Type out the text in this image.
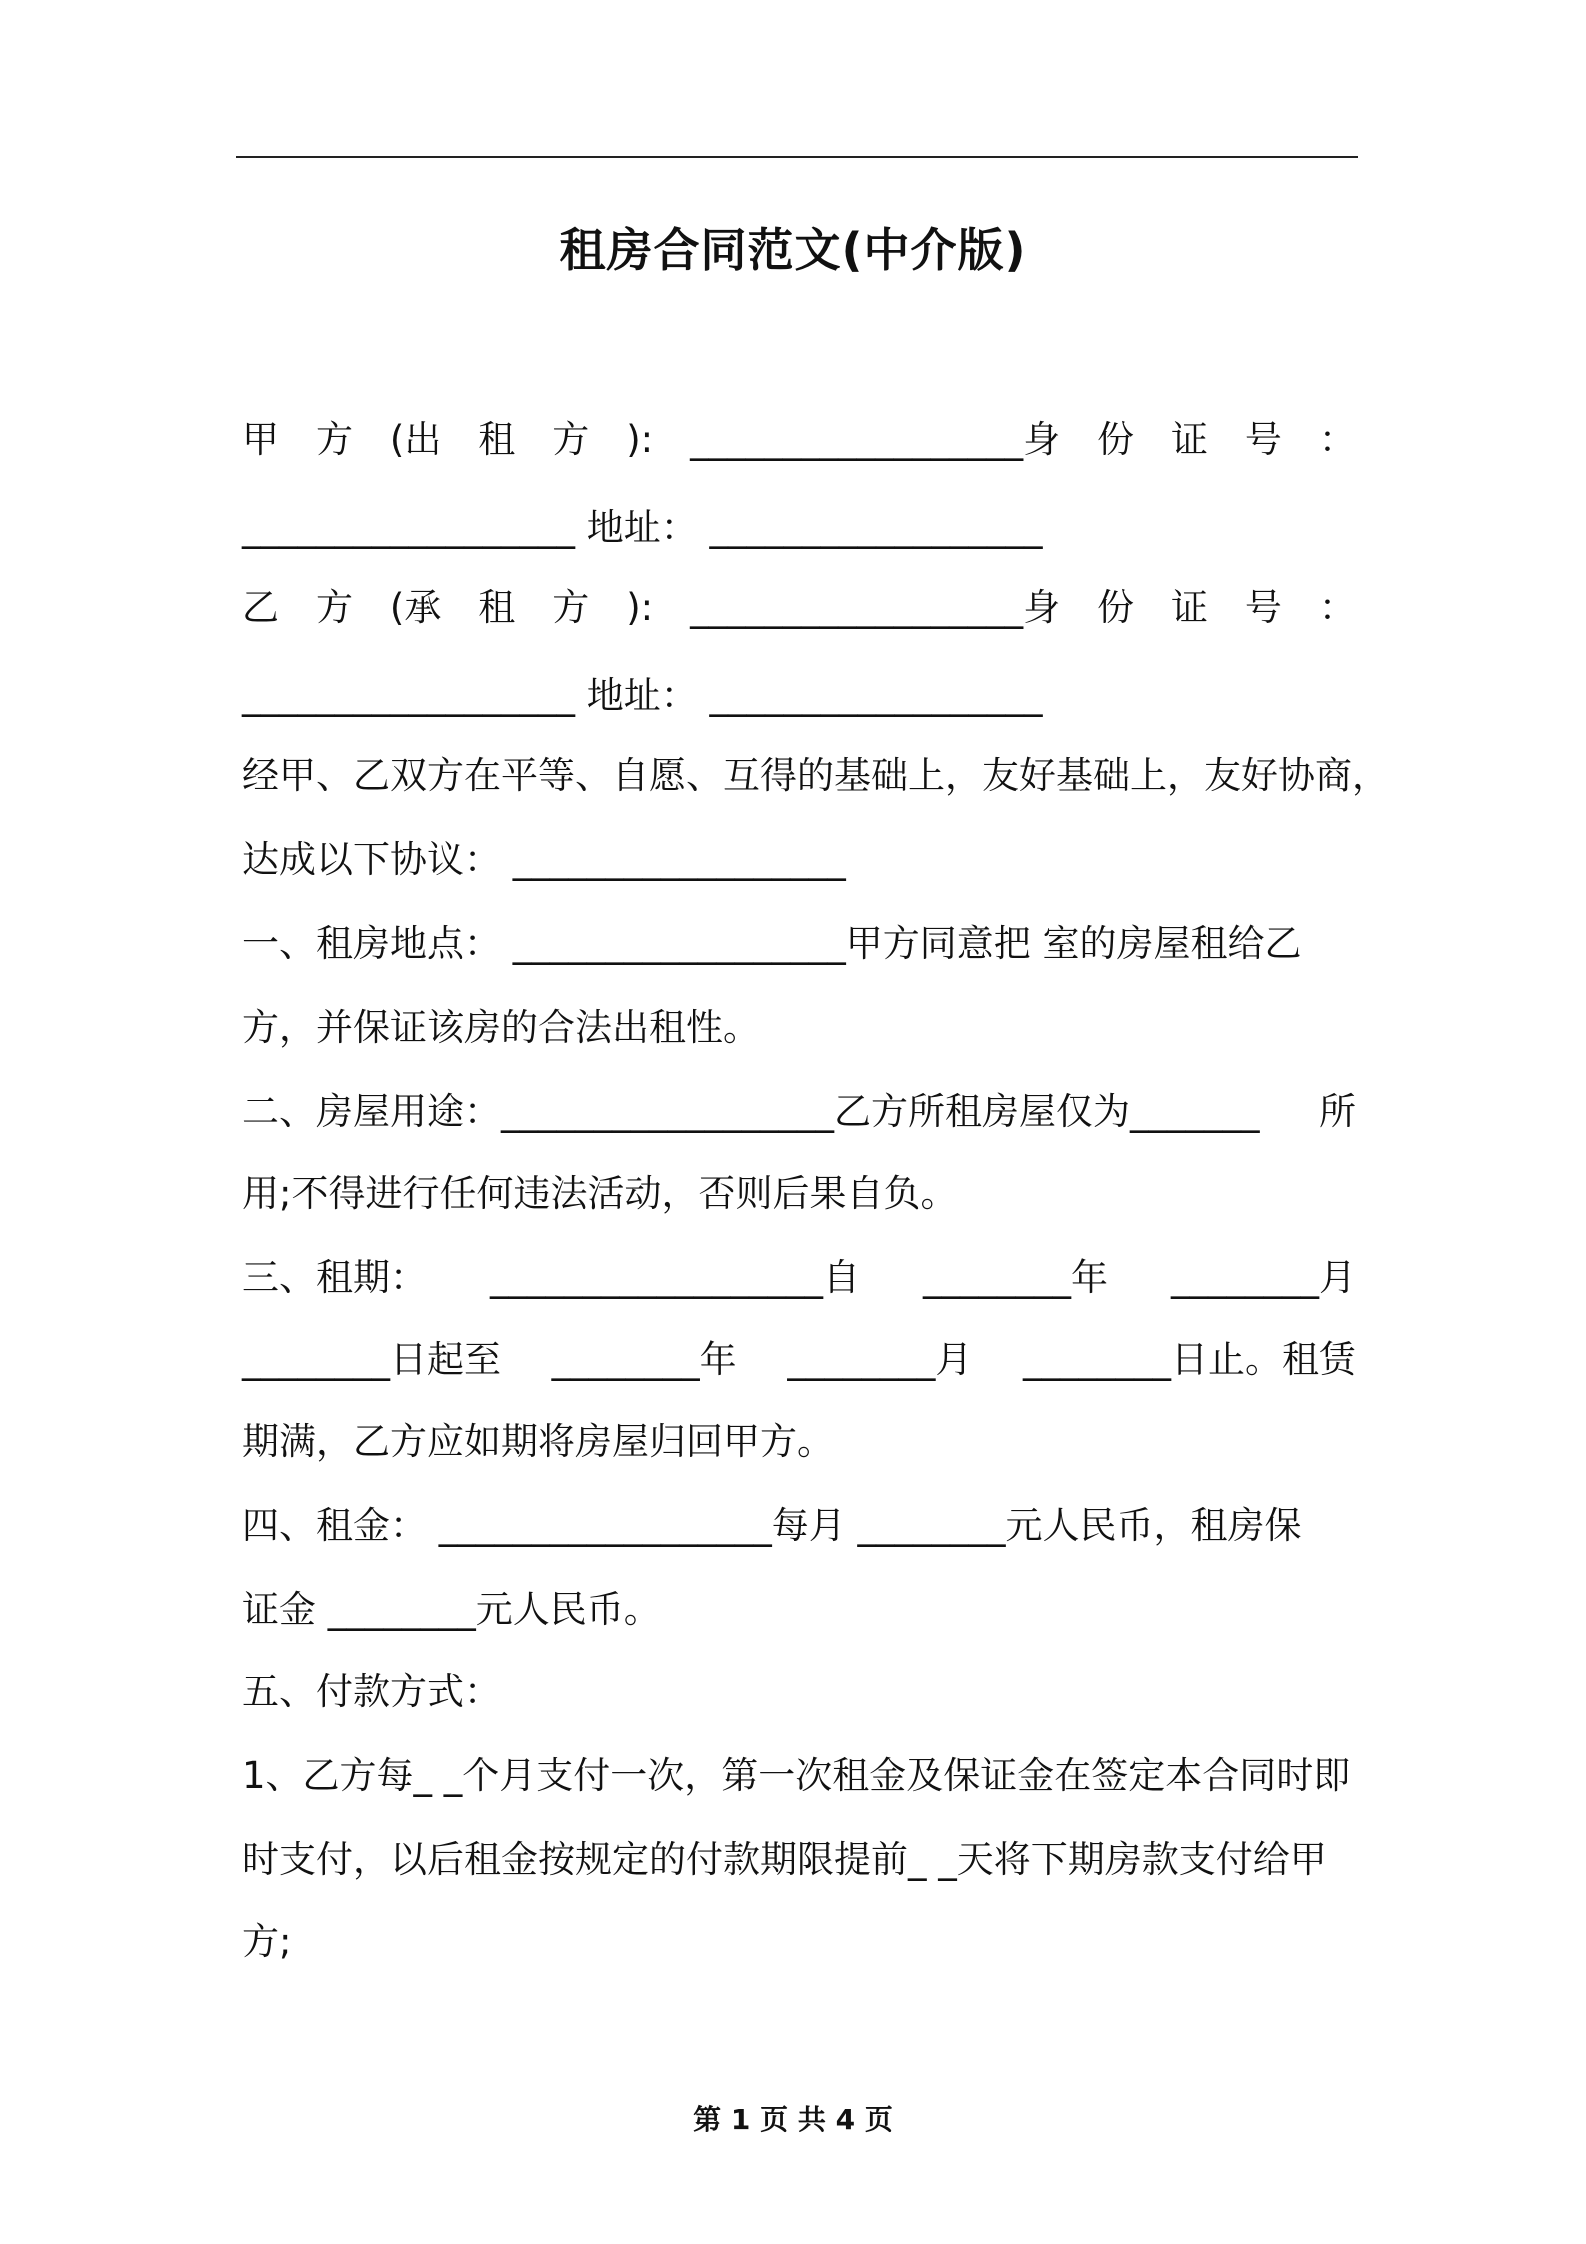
租房合同范文(中介版)
甲 方 (出 租 方 ): __________________身 份 证 号 ：
__________________ 地址： __________________
乙 方 (承 租 方 ): __________________身 份 证 号 ：
__________________ 地址： __________________
经甲、乙双方在平等、自愿、互得的基础上，友好基础上，友好协商，
达成以下协议： __________________
一、租房地点： __________________甲方同意把 室的房屋租给乙
方，并保证该房的合法出租性。
二、房屋用途：__________________乙方所租房屋仅为_______ 所
用;不得进行任何违法活动，否则后果自负。
三、租期： __________________自 ________年 ________月
________日起至 ________年 ________月 ________日止。租赁
期满，乙方应如期将房屋归回甲方。
四、租金： __________________每月 ________元人民币，租房保
证金 ________元人民币。
五、付款方式：
1、乙方每_ _个月支付一次，第一次租金及保证金在签定本合同时即
时支付，以后租金按规定的付款期限提前_ _天将下期房款支付给甲
方;
第 1 页 共 4 页
